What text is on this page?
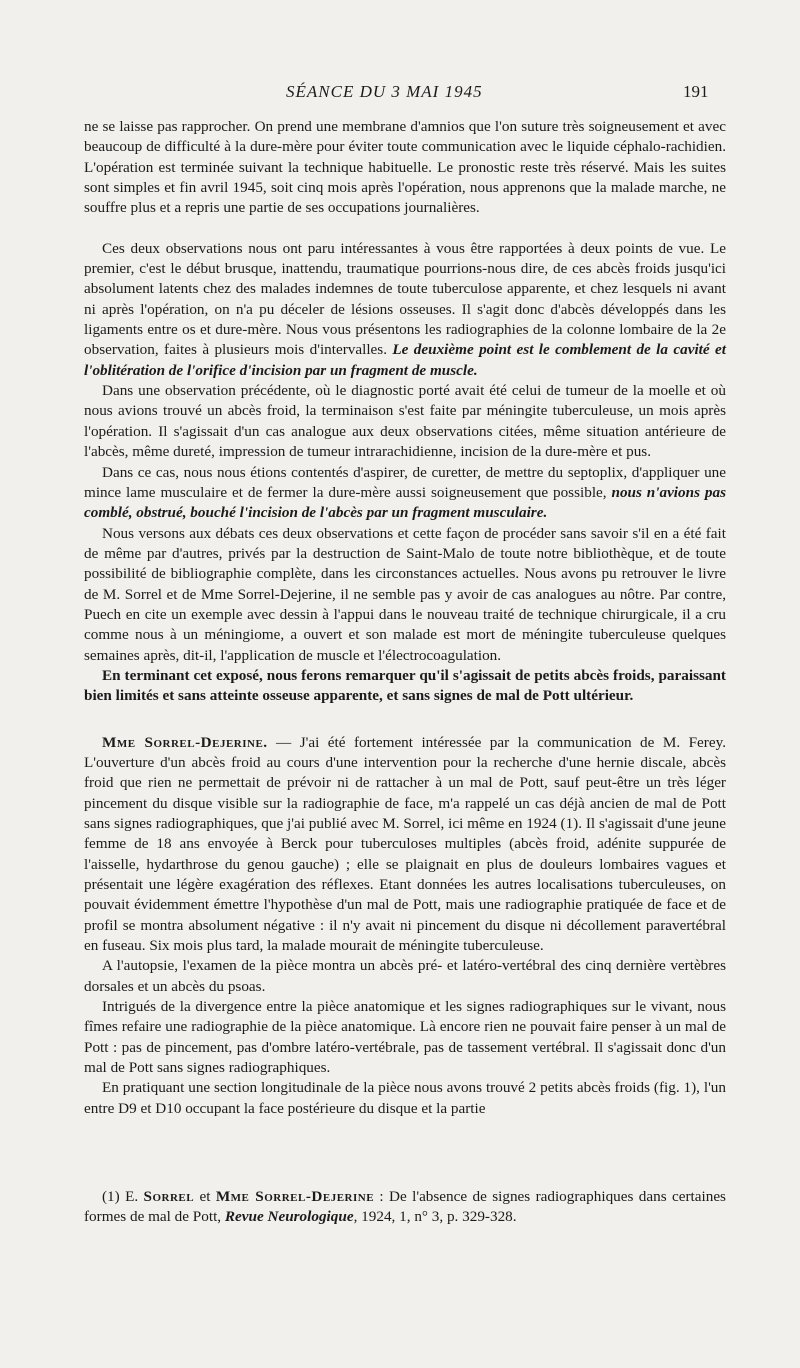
SÉANCE DU 3 MAI 1945	191

ne se laisse pas rapprocher. On prend une membrane d'amnios que l'on suture très soigneusement et avec beaucoup de difficulté à la dure-mère pour éviter toute communication avec le liquide céphalo-rachidien. L'opération est terminée suivant la technique habituelle. Le pronostic reste très réservé. Mais les suites sont simples et fin avril 1945, soit cinq mois après l'opération, nous apprenons que la malade marche, ne souffre plus et a repris une partie de ses occupations journalières.

Ces deux observations nous ont paru intéressantes à vous être rapportées à deux points de vue. Le premier, c'est le début brusque, inattendu, traumatique pourrions-nous dire, de ces abcès froids jusqu'ici absolument latents chez des malades indemnes de toute tuberculose apparente, et chez lesquels ni avant ni après l'opération, on n'a pu déceler de lésions osseuses. Il s'agit donc d'abcès développés dans les ligaments entre os et dure-mère. Nous vous présentons les radiographies de la colonne lombaire de la 2e observation, faites à plusieurs mois d'intervalles. Le deuxième point est le comblement de la cavité et l'oblitération de l'orifice d'incision par un fragment de muscle.

Dans une observation précédente, où le diagnostic porté avait été celui de tumeur de la moelle et où nous avions trouvé un abcès froid, la terminaison s'est faite par méningite tuberculeuse, un mois après l'opération. Il s'agissait d'un cas analogue aux deux observations citées, même situation antérieure de l'abcès, même dureté, impression de tumeur intrarachidienne, incision de la dure-mère et pus.

Dans ce cas, nous nous étions contentés d'aspirer, de curetter, de mettre du septoplix, d'appliquer une mince lame musculaire et de fermer la dure-mère aussi soigneusement que possible, nous n'avions pas comblé, obstrué, bouché l'incision de l'abcès par un fragment musculaire.

Nous versons aux débats ces deux observations et cette façon de procéder sans savoir s'il en a été fait de même par d'autres, privés par la destruction de Saint-Malo de toute notre bibliothèque, et de toute possibilité de bibliographie complète, dans les circonstances actuelles. Nous avons pu retrouver le livre de M. Sorrel et de Mme Sorrel-Dejerine, il ne semble pas y avoir de cas analogues au nôtre. Par contre, Puech en cite un exemple avec dessin à l'appui dans le nouveau traité de technique chirurgicale, il a cru comme nous à un méningiome, a ouvert et son malade est mort de méningite tuberculeuse quelques semaines après, dit-il, l'application de muscle et l'électrocoagulation.

En terminant cet exposé, nous ferons remarquer qu'il s'agissait de petits abcès froids, paraissant bien limités et sans atteinte osseuse apparente, et sans signes de mal de Pott ultérieur.

Mme Sorrel-Dejerine. — J'ai été fortement intéressée par la communication de M. Ferey. L'ouverture d'un abcès froid au cours d'une intervention pour la recherche d'une hernie discale, abcès froid que rien ne permettait de prévoir ni de rattacher à un mal de Pott, sauf peut-être un très léger pincement du disque visible sur la radiographie de face, m'a rappelé un cas déjà ancien de mal de Pott sans signes radiographiques, que j'ai publié avec M. Sorrel, ici même en 1924 (1). Il s'agissait d'une jeune femme de 18 ans envoyée à Berck pour tuberculoses multiples (abcès froid, adénite suppurée de l'aisselle, hydarthrose du genou gauche) ; elle se plaignait en plus de douleurs lombaires vagues et présentait une légère exagération des réflexes. Etant données les autres localisations tuberculeuses, on pouvait évidemment émettre l'hypothèse d'un mal de Pott, mais une radiographie pratiquée de face et de profil se montra absolument négative : il n'y avait ni pincement du disque ni décollement paravertébral en fuseau. Six mois plus tard, la malade mourait de méningite tuberculeuse.

A l'autopsie, l'examen de la pièce montra un abcès pré- et latéro-vertébral des cinq dernière vertèbres dorsales et un abcès du psoas.

Intrigués de la divergence entre la pièce anatomique et les signes radiographiques sur le vivant, nous fîmes refaire une radiographie de la pièce anatomique. Là encore rien ne pouvait faire penser à un mal de Pott : pas de pincement, pas d'ombre latéro-vertébrale, pas de tassement vertébral. Il s'agissait donc d'un mal de Pott sans signes radiographiques.

En pratiquant une section longitudinale de la pièce nous avons trouvé 2 petits abcès froids (fig. 1), l'un entre D9 et D10 occupant la face postérieure du disque et la partie

(1) E. Sorrel et Mme Sorrel-Dejerine : De l'absence de signes radiographiques dans certaines formes de mal de Pott, Revue Neurologique, 1924, 1, n° 3, p. 329-328.
